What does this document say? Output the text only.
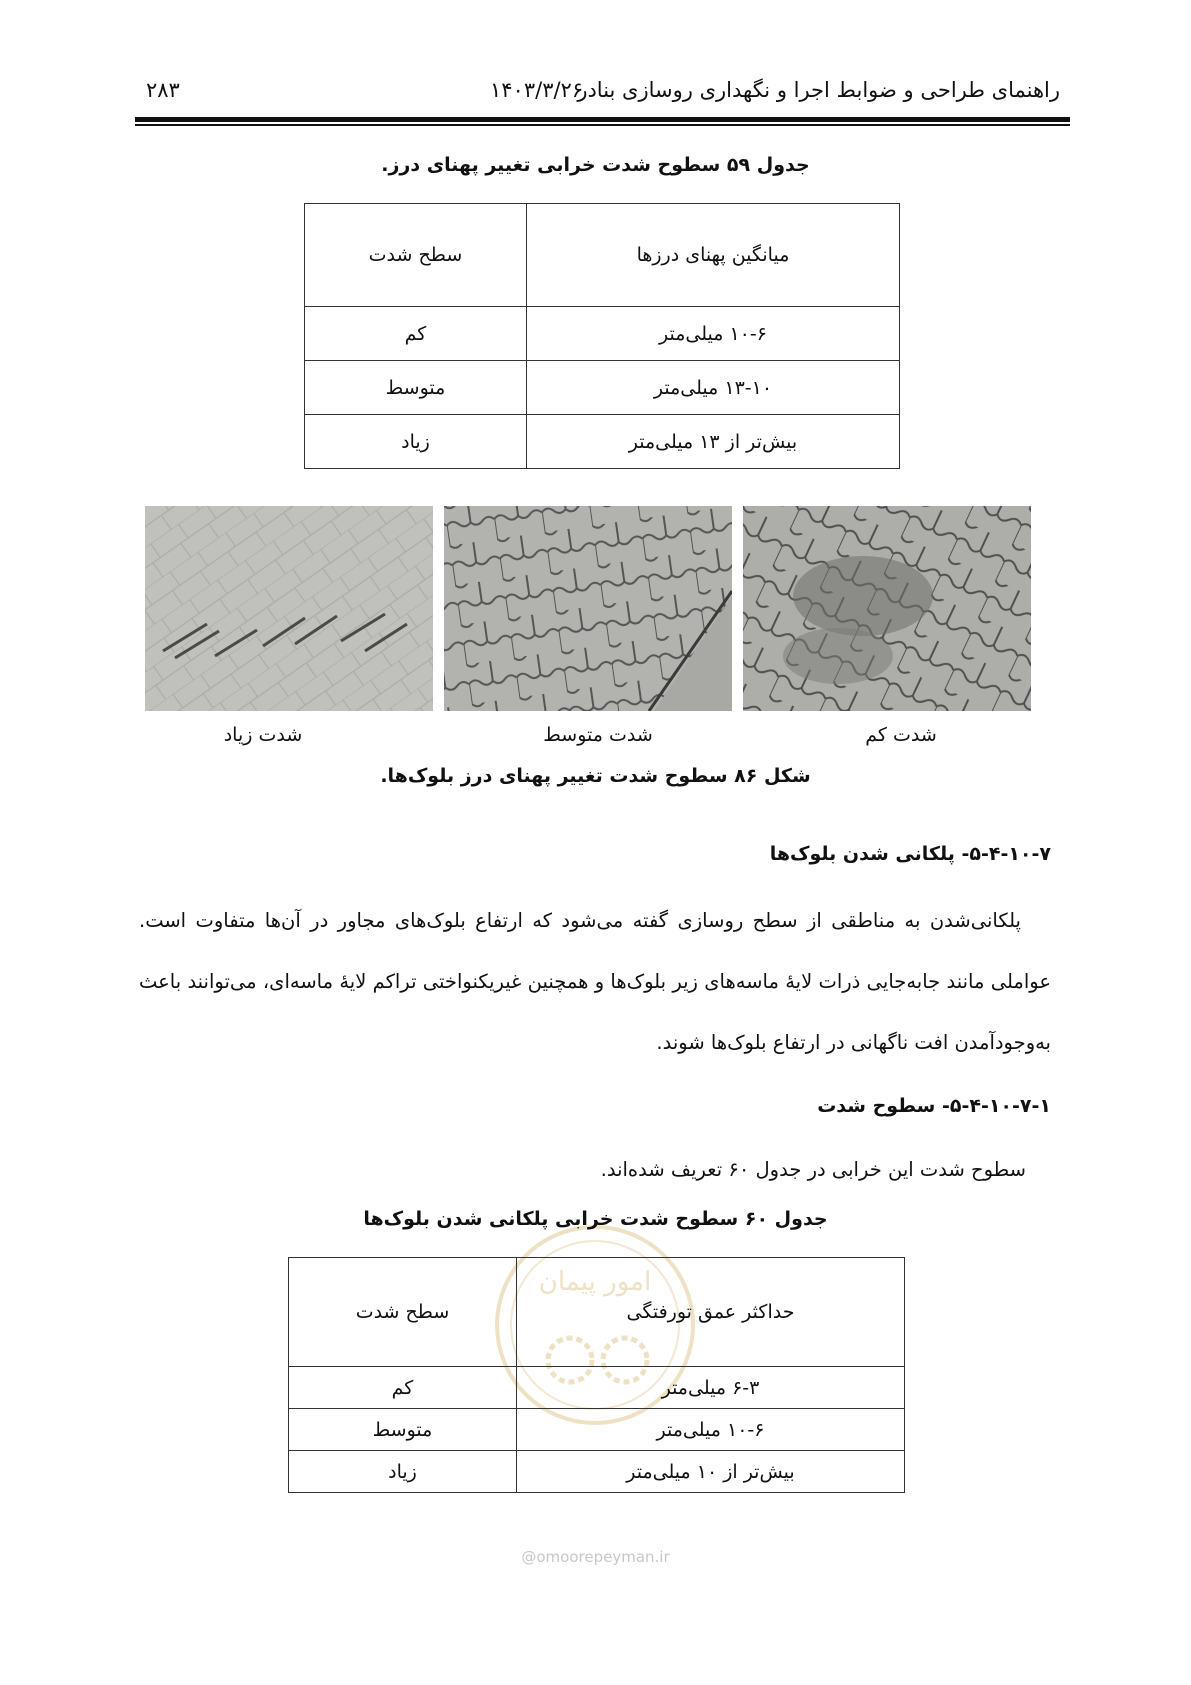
راهنمای طراحی و ضوابط اجرا و نگهداری روسازی بنادر
۱۴۰۳/۳/۲۶
۲۸۳
جدول ۵۹ سطوح شدت خرابی تغییر پهنای درز.
میانگین پهنای درزها	سطح شدت
۱۰-۶ میلی‌متر	کم
۱۳-۱۰ میلی‌متر	متوسط
بیش‌تر از ۱۳ میلی‌متر	زیاد
شدت زیاد	شدت متوسط	شدت کم
شکل ۸۶ سطوح شدت تغییر پهنای درز بلوک‌ها.
۵-۴-۱۰-۷- پلکانی شدن بلوک‌ها

پلکانی‌شدن به مناطقی از سطح روسازی گفته می‌شود که ارتفاع بلوک‌های مجاور در آن‌ها متفاوت است. عواملی مانند جابه‌جایی ذرات لایهٔ ماسه‌های زیر بلوک‌ها و همچنین غیریکنواختی تراکم لایهٔ ماسه‌ای، می‌توانند باعث به‌وجودآمدن افت ناگهانی در ارتفاع بلوک‌ها شوند.

۵-۴-۱۰-۷-۱- سطوح شدت
سطوح شدت این خرابی در جدول ۶۰ تعریف شده‌اند.
امور پیمان
جدول ۶۰ سطوح شدت خرابی پلکانی شدن بلوک‌ها
حداکثر عمق تورفتگی	سطح شدت
۶-۳ میلی‌متر	کم
۱۰-۶ میلی‌متر	متوسط
بیش‌تر از ۱۰ میلی‌متر	زیاد
@omoorepeyman.ir
